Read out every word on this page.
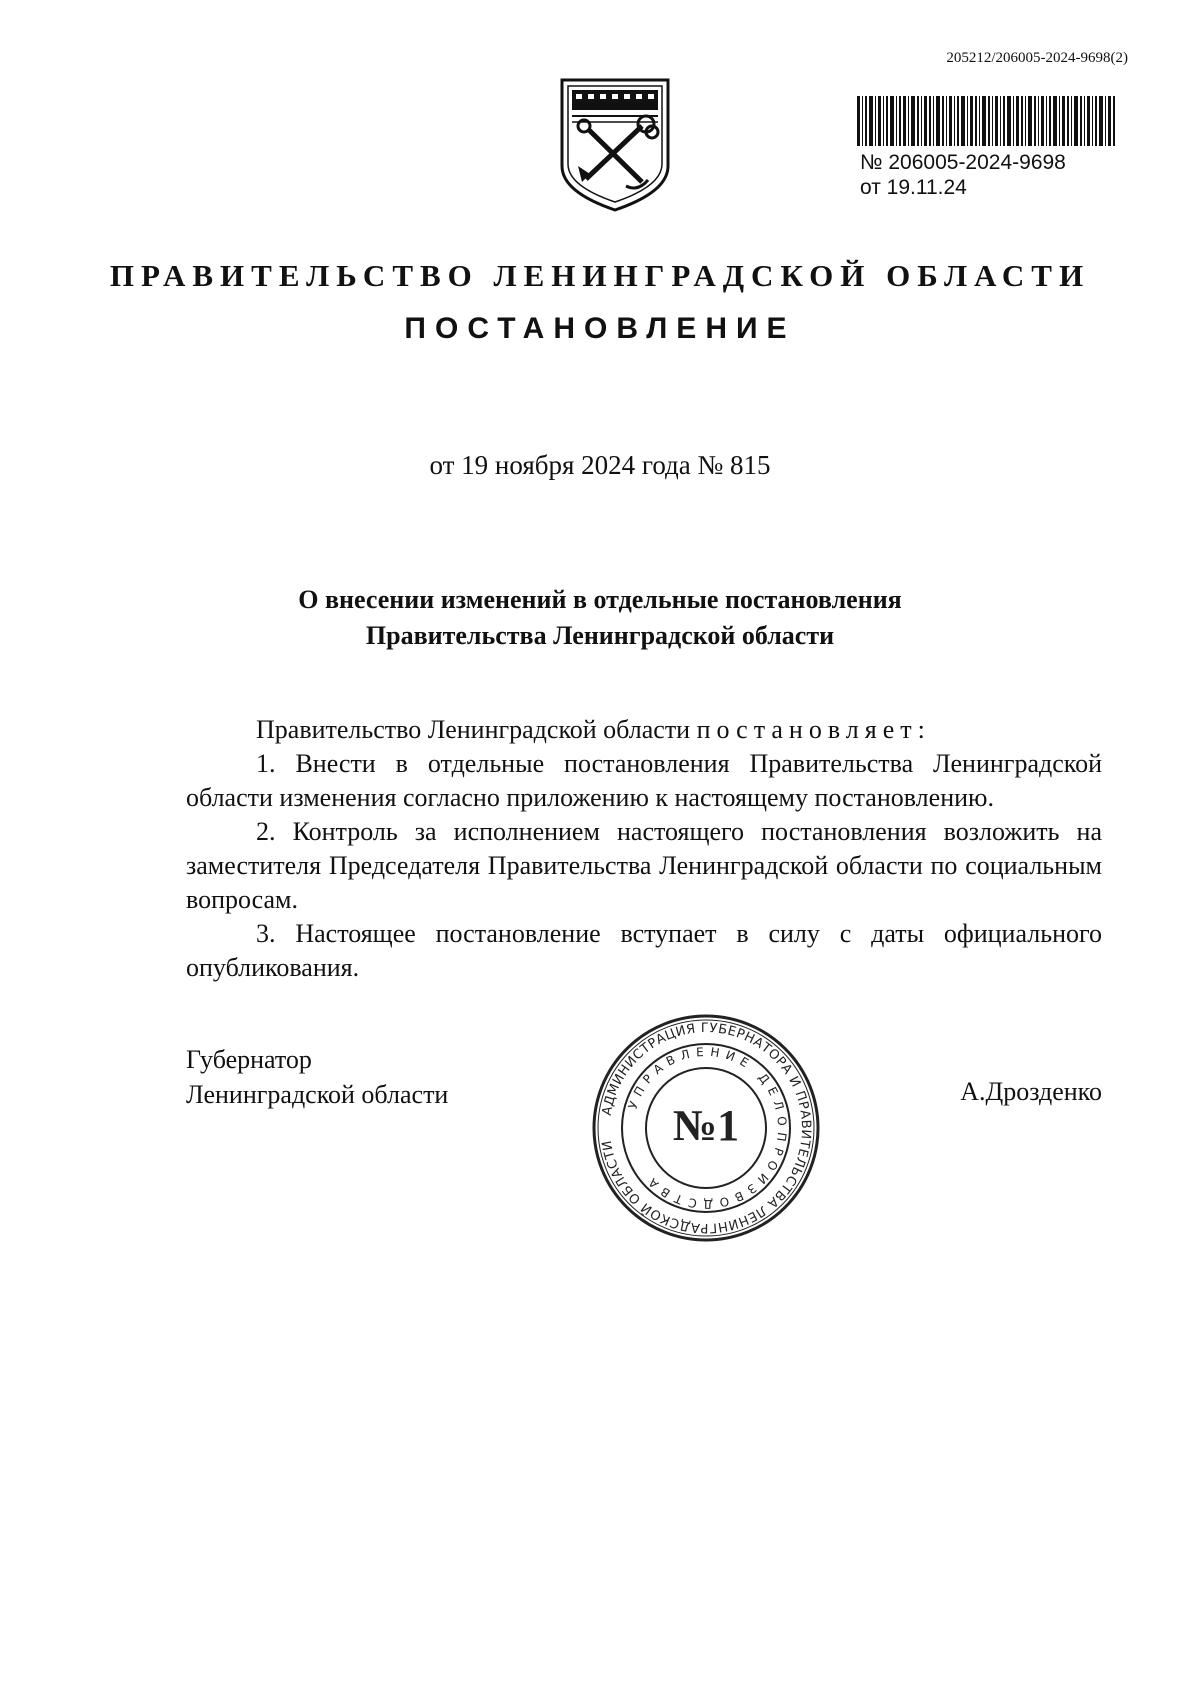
205212/206005-2024-9698(2)
№ 206005-2024-9698
от 19.11.24
ПРАВИТЕЛЬСТВО ЛЕНИНГРАДСКОЙ ОБЛАСТИ
ПОСТАНОВЛЕНИЕ
от 19 ноября 2024 года № 815
О внесении изменений в отдельные постановления
Правительства Ленинградской области

Правительство Ленинградской области постановляет:

1. Внести в отдельные постановления Правительства Ленинградской области изменения согласно приложению к настоящему постановлению.

2. Контроль за исполнением настоящего постановления возложить на заместителя Председателя Правительства Ленинградской области по социальным вопросам.

3. Настоящее постановление вступает в силу с даты официального опубликования.

Губернатор
Ленинградской области	А.Дрозденко
АДМИНИСТРАЦИЯ ГУБЕРНАТОРА И ПРАВИТЕЛЬСТВА ЛЕНИНГРАДСКОЙ ОБЛАСТИ
УПРАВЛЕНИЕ ДЕЛОПРОИЗВОДСТВА
№1
